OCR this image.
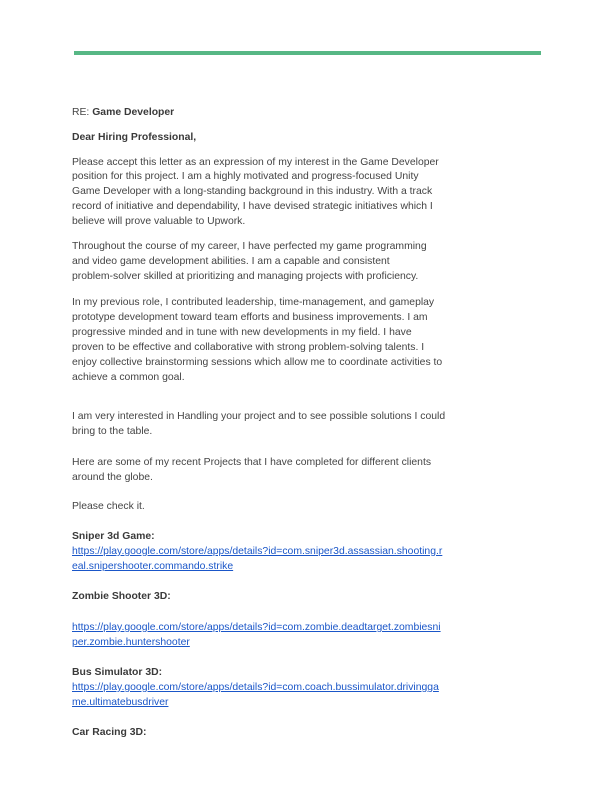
RE: Game Developer
Dear Hiring Professional,
Please accept this letter as an expression of my interest in the Game Developer
position for this project. I am a highly motivated and progress-focused Unity
Game Developer with a long-standing background in this industry. With a track
record of initiative and dependability, I have devised strategic initiatives which I
believe will prove valuable to Upwork.
Throughout the course of my career, I have perfected my game programming
and video game development abilities. I am a capable and consistent
problem-solver skilled at prioritizing and managing projects with proficiency.
In my previous role, I contributed leadership, time-management, and gameplay
prototype development toward team efforts and business improvements. I am
progressive minded and in tune with new developments in my field. I have
proven to be effective and collaborative with strong problem-solving talents. I
enjoy collective brainstorming sessions which allow me to coordinate activities to
achieve a common goal.
I am very interested in Handling your project and to see possible solutions I could
bring to the table.
Here are some of my recent Projects that I have completed for different clients
around the globe.
Please check it.
Sniper 3d Game:
https://play.google.com/store/apps/details?id=com.sniper3d.assassian.shooting.r
eal.snipershooter.commando.strike
Zombie Shooter 3D:
https://play.google.com/store/apps/details?id=com.zombie.deadtarget.zombiesni
per.zombie.huntershooter
Bus Simulator 3D:
https://play.google.com/store/apps/details?id=com.coach.bussimulator.drivingga
me.ultimatebusdriver
Car Racing 3D:
